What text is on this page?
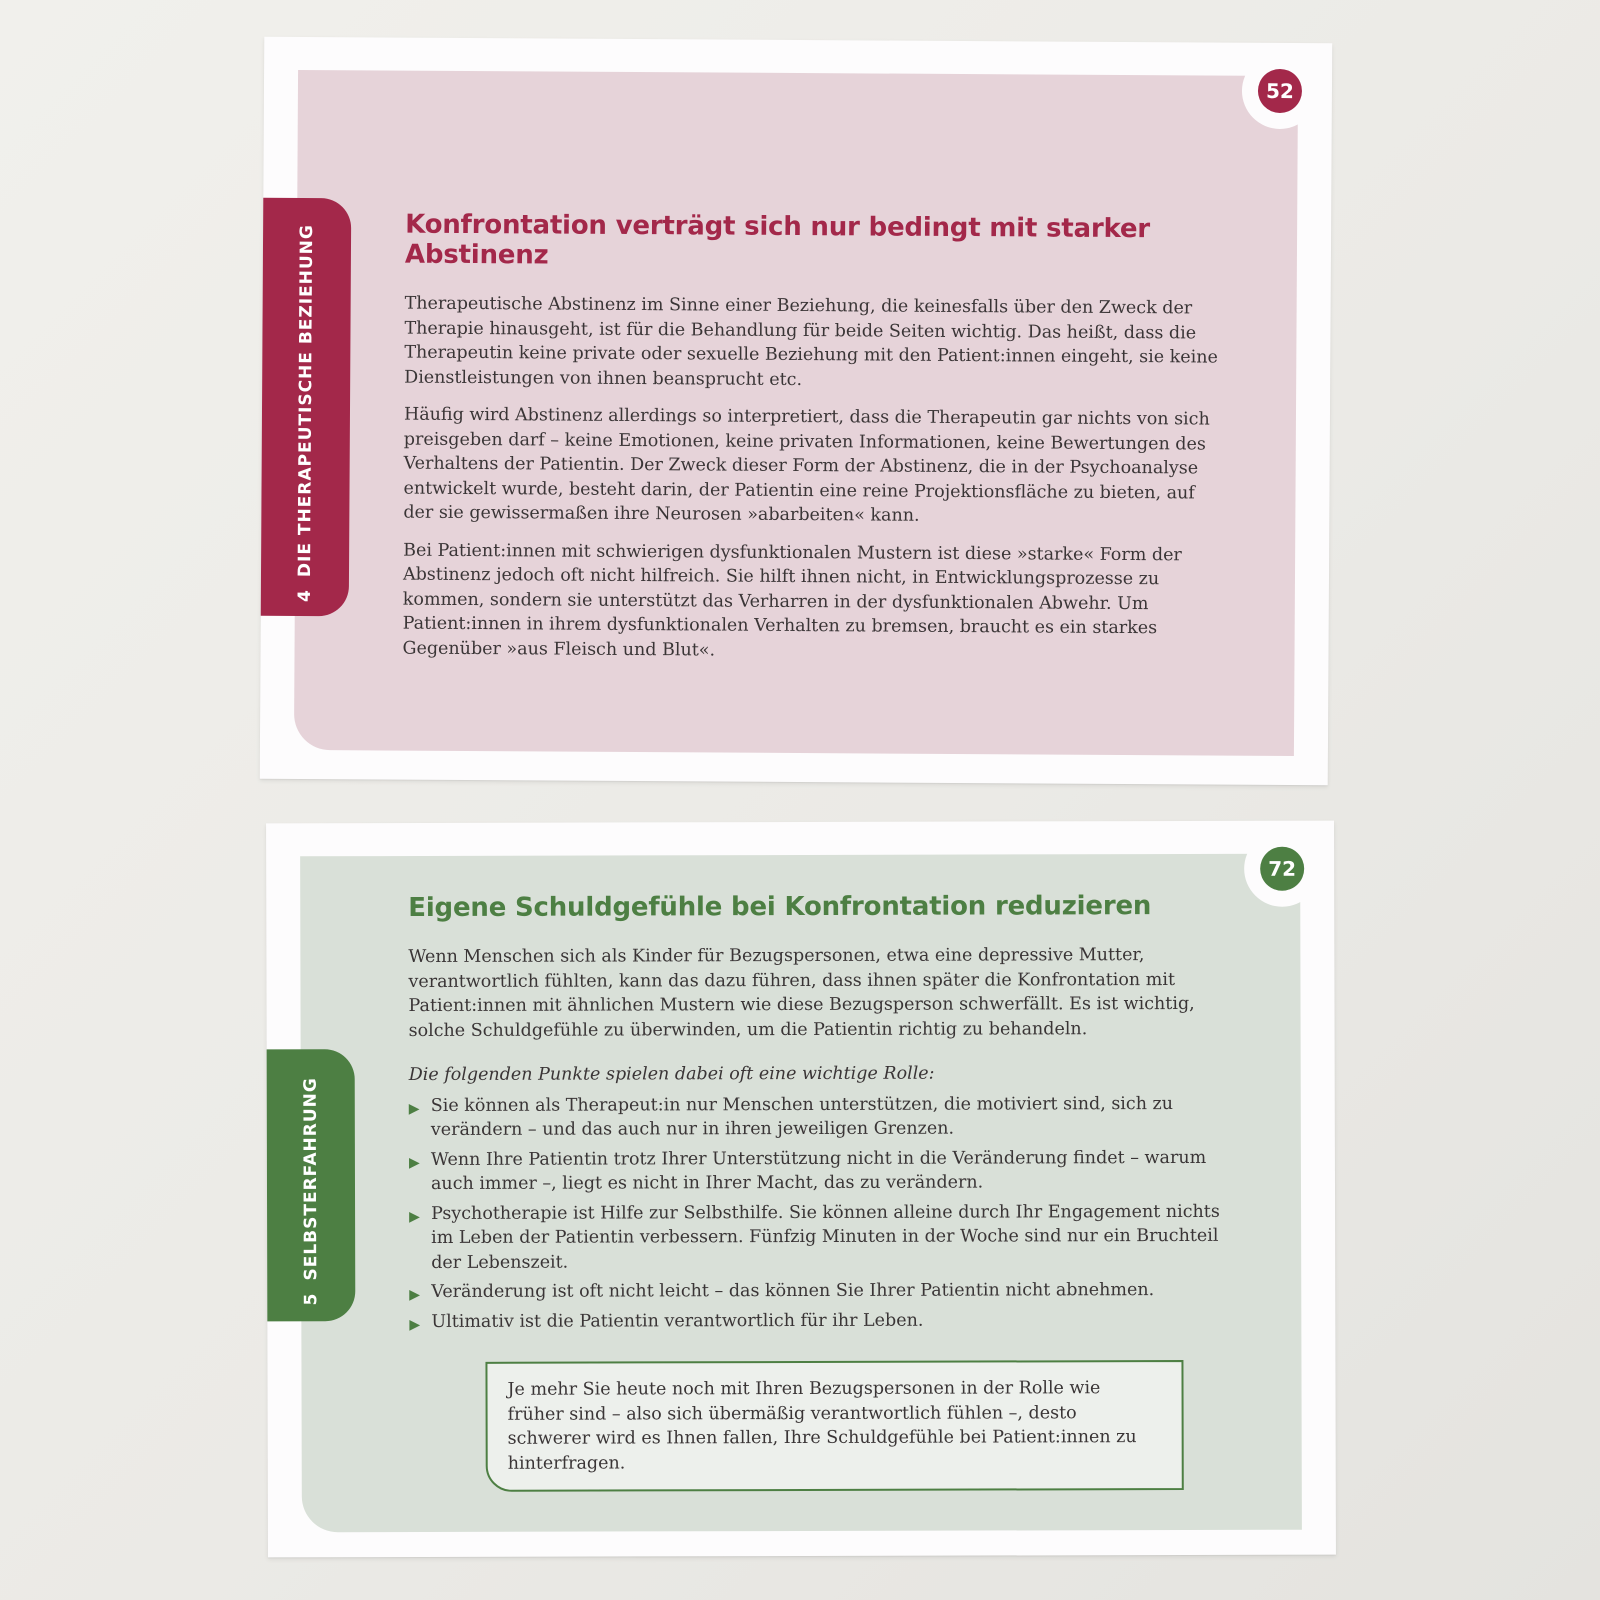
52
4DIE THERAPEUTISCHE BEZIEHUNG	Konfrontation verträgt sich nur bedingt mit starker Abstinenz

Therapeutische Abstinenz im Sinne einer Beziehung, die keinesfalls über den Zweck der Therapie hinausgeht, ist für die Behandlung für beide Seiten wichtig. Das heißt, dass die Therapeutin keine private oder sexuelle Beziehung mit den Patient:innen eingeht, sie keine Dienstleistungen von ihnen beansprucht etc.

Häufig wird Abstinenz allerdings so interpretiert, dass die Therapeutin gar nichts von sich preisgeben darf – keine Emotionen, keine privaten Informationen, keine Bewertungen des Verhaltens der Patientin. Der Zweck dieser Form der Abstinenz, die in der Psychoanalyse entwickelt wurde, besteht darin, der Patientin eine reine Projektionsfläche zu bieten, auf der sie gewissermaßen ihre Neurosen »abarbeiten« kann.

Bei Patient:innen mit schwierigen dysfunktionalen Mustern ist diese »starke« Form der Abstinenz jedoch oft nicht hilfreich. Sie hilft ihnen nicht, in Entwicklungsprozesse zu kommen, sondern sie unterstützt das Verharren in der dysfunktionalen Abwehr. Um Patient:innen in ihrem dysfunktionalen Verhalten zu bremsen, braucht es ein starkes Gegenüber »aus Fleisch und Blut«.

72
5SELBSTERFAHRUNG
Eigene Schuldgefühle bei Konfrontation reduzieren

Wenn Menschen sich als Kinder für Bezugspersonen, etwa eine depressive Mutter, verantwortlich fühlten, kann das dazu führen, dass ihnen später die Konfrontation mit Patient:innen mit ähnlichen Mustern wie diese Bezugsperson schwerfällt. Es ist wichtig, solche Schuldgefühle zu überwinden, um die Patientin richtig zu behandeln.

Die folgenden Punkte spielen dabei oft eine wichtige Rolle:

▶ Sie können als Therapeut:in nur Menschen unterstützen, die motiviert sind, sich zu verändern – und das auch nur in ihren jeweiligen Grenzen.
▶ Wenn Ihre Patientin trotz Ihrer Unterstützung nicht in die Veränderung findet – warum auch immer –, liegt es nicht in Ihrer Macht, das zu verändern.
▶ Psychotherapie ist Hilfe zur Selbsthilfe. Sie können alleine durch Ihr Engagement nichts im Leben der Patientin verbessern. Fünfzig Minuten in der Woche sind nur ein Bruchteil der Lebenszeit.
▶ Veränderung ist oft nicht leicht – das können Sie Ihrer Patientin nicht abnehmen.
▶ Ultimativ ist die Patientin verantwortlich für ihr Leben.
Je mehr Sie heute noch mit Ihren Bezugspersonen in der Rolle wie früher sind – also sich übermäßig verantwortlich fühlen –, desto schwerer wird es Ihnen fallen, Ihre Schuldgefühle bei Patient:innen zu hinterfragen.
